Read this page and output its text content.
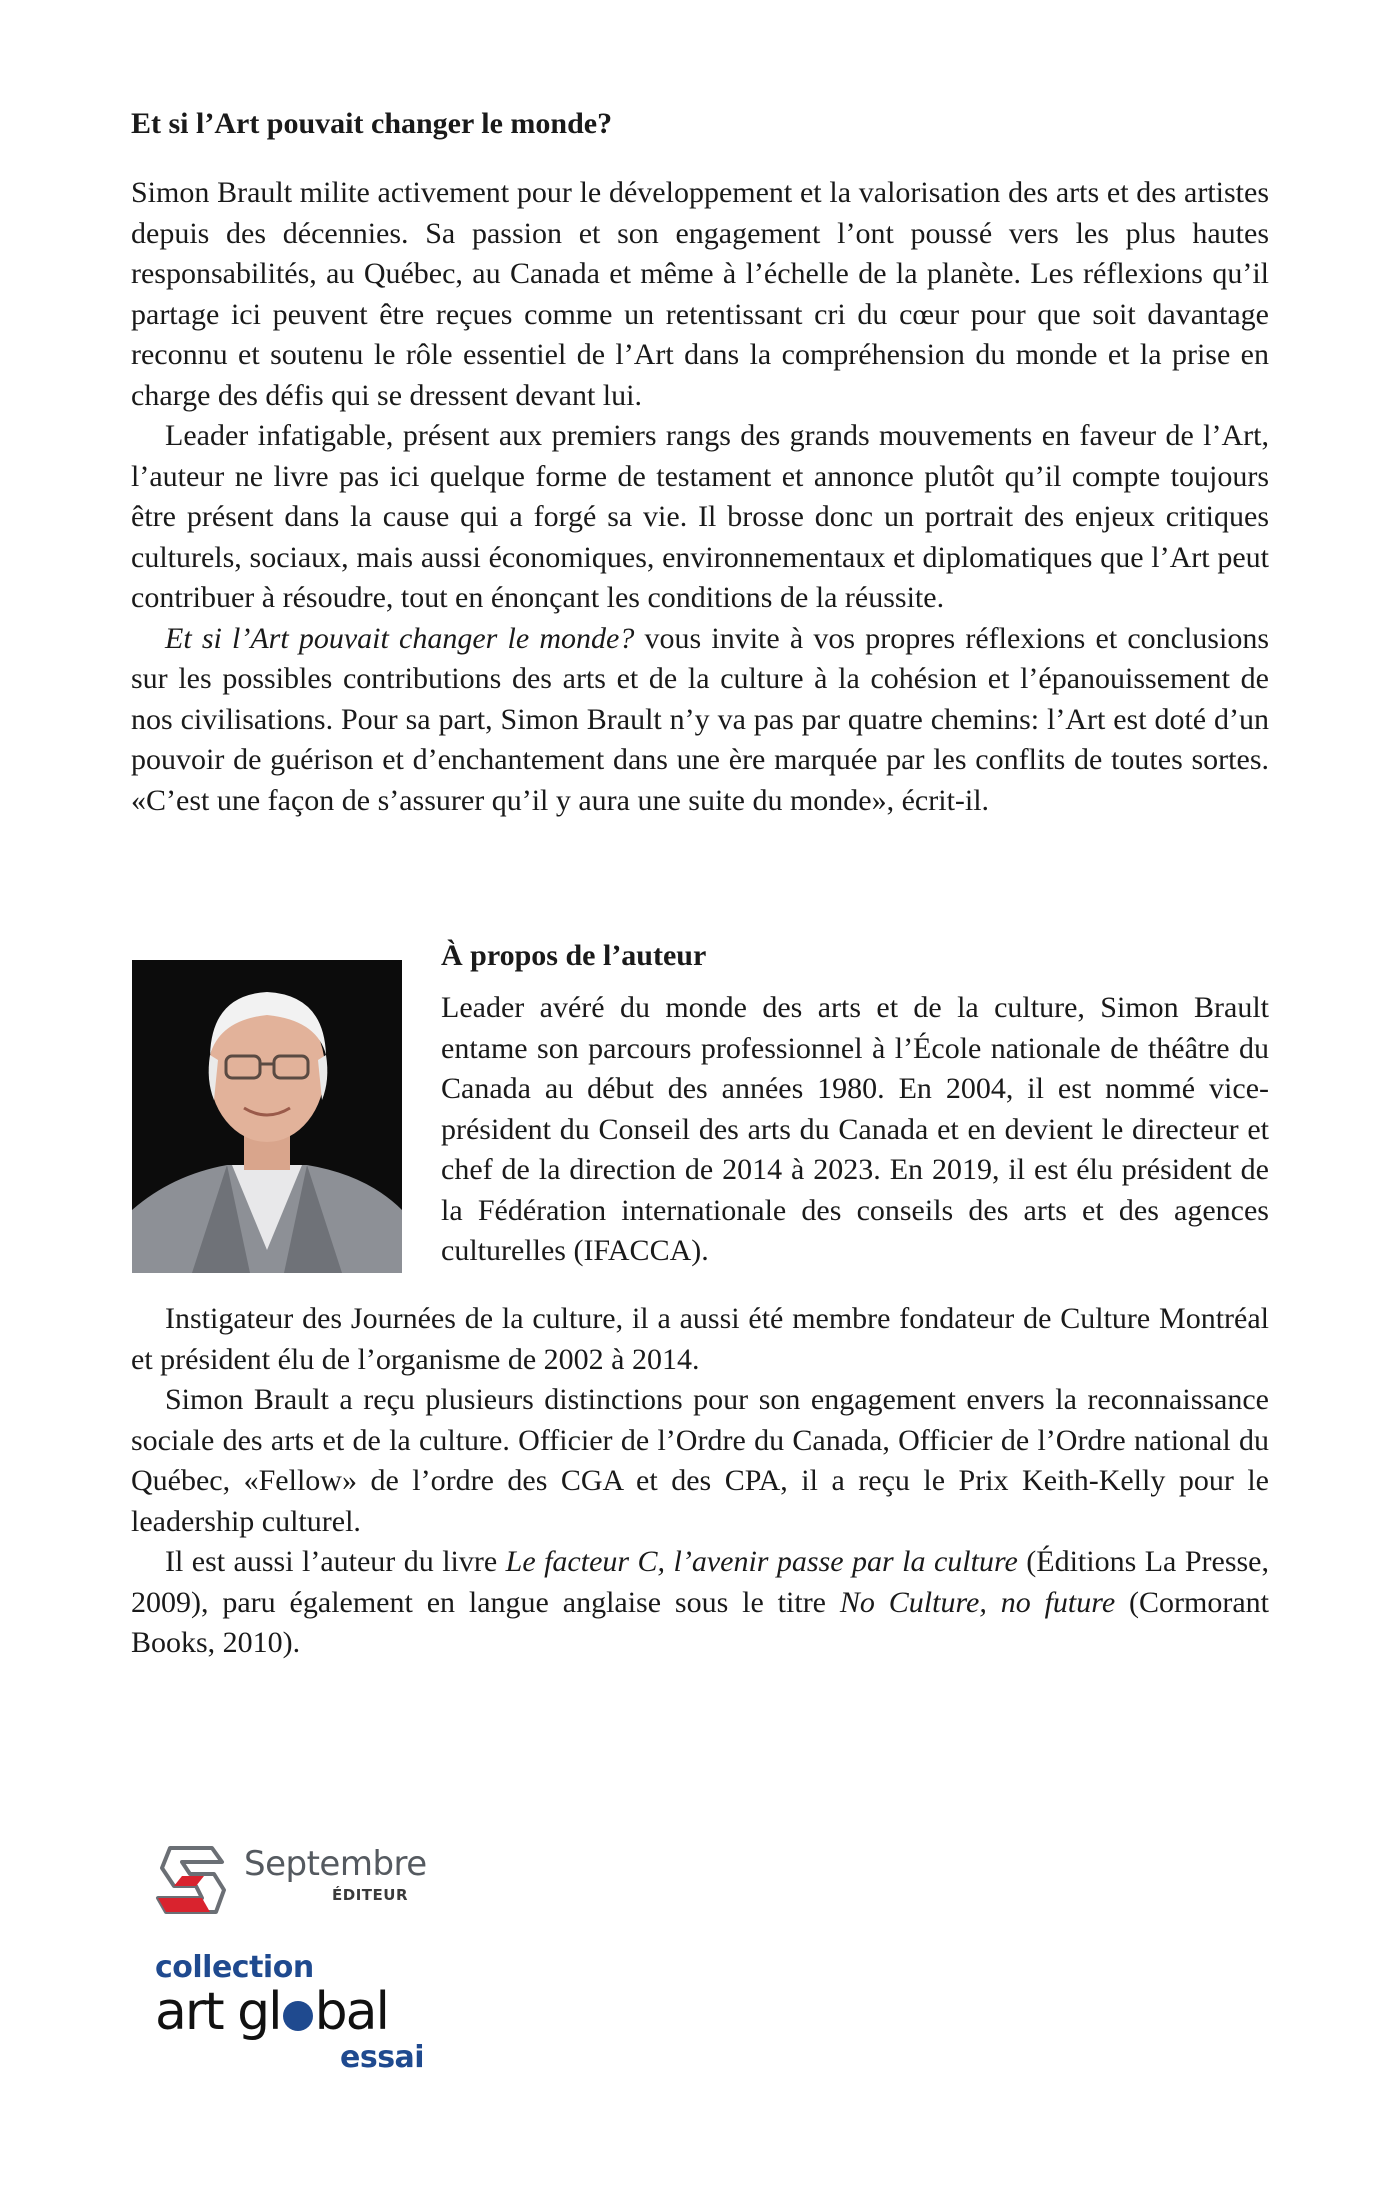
Et si l’Art pouvait changer le monde?

Simon Brault milite activement pour le développement et la valorisation des arts et des artistes depuis des décennies. Sa passion et son engagement l’ont poussé vers les plus hautes responsabilités, au Québec, au Canada et même à l’échelle de la planète. Les réflexions qu’il partage ici peuvent être reçues comme un retentissant cri du cœur pour que soit davantage reconnu et soutenu le rôle essentiel de l’Art dans la compréhension du monde et la prise en charge des défis qui se dressent devant lui.

Leader infatigable, présent aux premiers rangs des grands mouvements en faveur de l’Art, l’auteur ne livre pas ici quelque forme de testament et annonce plutôt qu’il compte toujours être présent dans la cause qui a forgé sa vie. Il brosse donc un portrait des enjeux critiques culturels, sociaux, mais aussi économiques, environnementaux et diplomatiques que l’Art peut contribuer à résoudre, tout en énonçant les conditions de la réussite.

Et si l’Art pouvait changer le monde? vous invite à vos propres réflexions et conclusions sur les possibles contributions des arts et de la culture à la cohésion et l’épanouissement de nos civilisations. Pour sa part, Simon Brault n’y va pas par quatre chemins: l’Art est doté d’un pouvoir de guérison et d’enchantement dans une ère marquée par les conflits de toutes sortes. «C’est une façon de s’assurer qu’il y aura une suite du monde», écrit-il.

À propos de l’auteur

Leader avéré du monde des arts et de la culture, Simon Brault entame son parcours professionnel à l’École nationale de théâtre du Canada au début des années 1980. En 2004, il est nommé vice-président du Conseil des arts du Canada et en devient le directeur et chef de la direction de 2014 à 2023. En 2019, il est élu président de la Fédération internationale des conseils des arts et des agences culturelles (IFACCA).

Instigateur des Journées de la culture, il a aussi été membre fondateur de Culture Montréal et président élu de l’organisme de 2002 à 2014.

Simon Brault a reçu plusieurs distinctions pour son engagement envers la reconnaissance sociale des arts et de la culture. Officier de l’Ordre du Canada, Officier de l’Ordre national du Québec, «Fellow» de l’ordre des CGA et des CPA, il a reçu le Prix Keith-Kelly pour le leadership culturel.

Il est aussi l’auteur du livre Le facteur C, l’avenir passe par la culture (Éditions La Presse, 2009), paru également en langue anglaise sous le titre No Culture, no future (Cormorant Books, 2010).

Septembre
ÉDITEUR
collection
art gl bal
essai
